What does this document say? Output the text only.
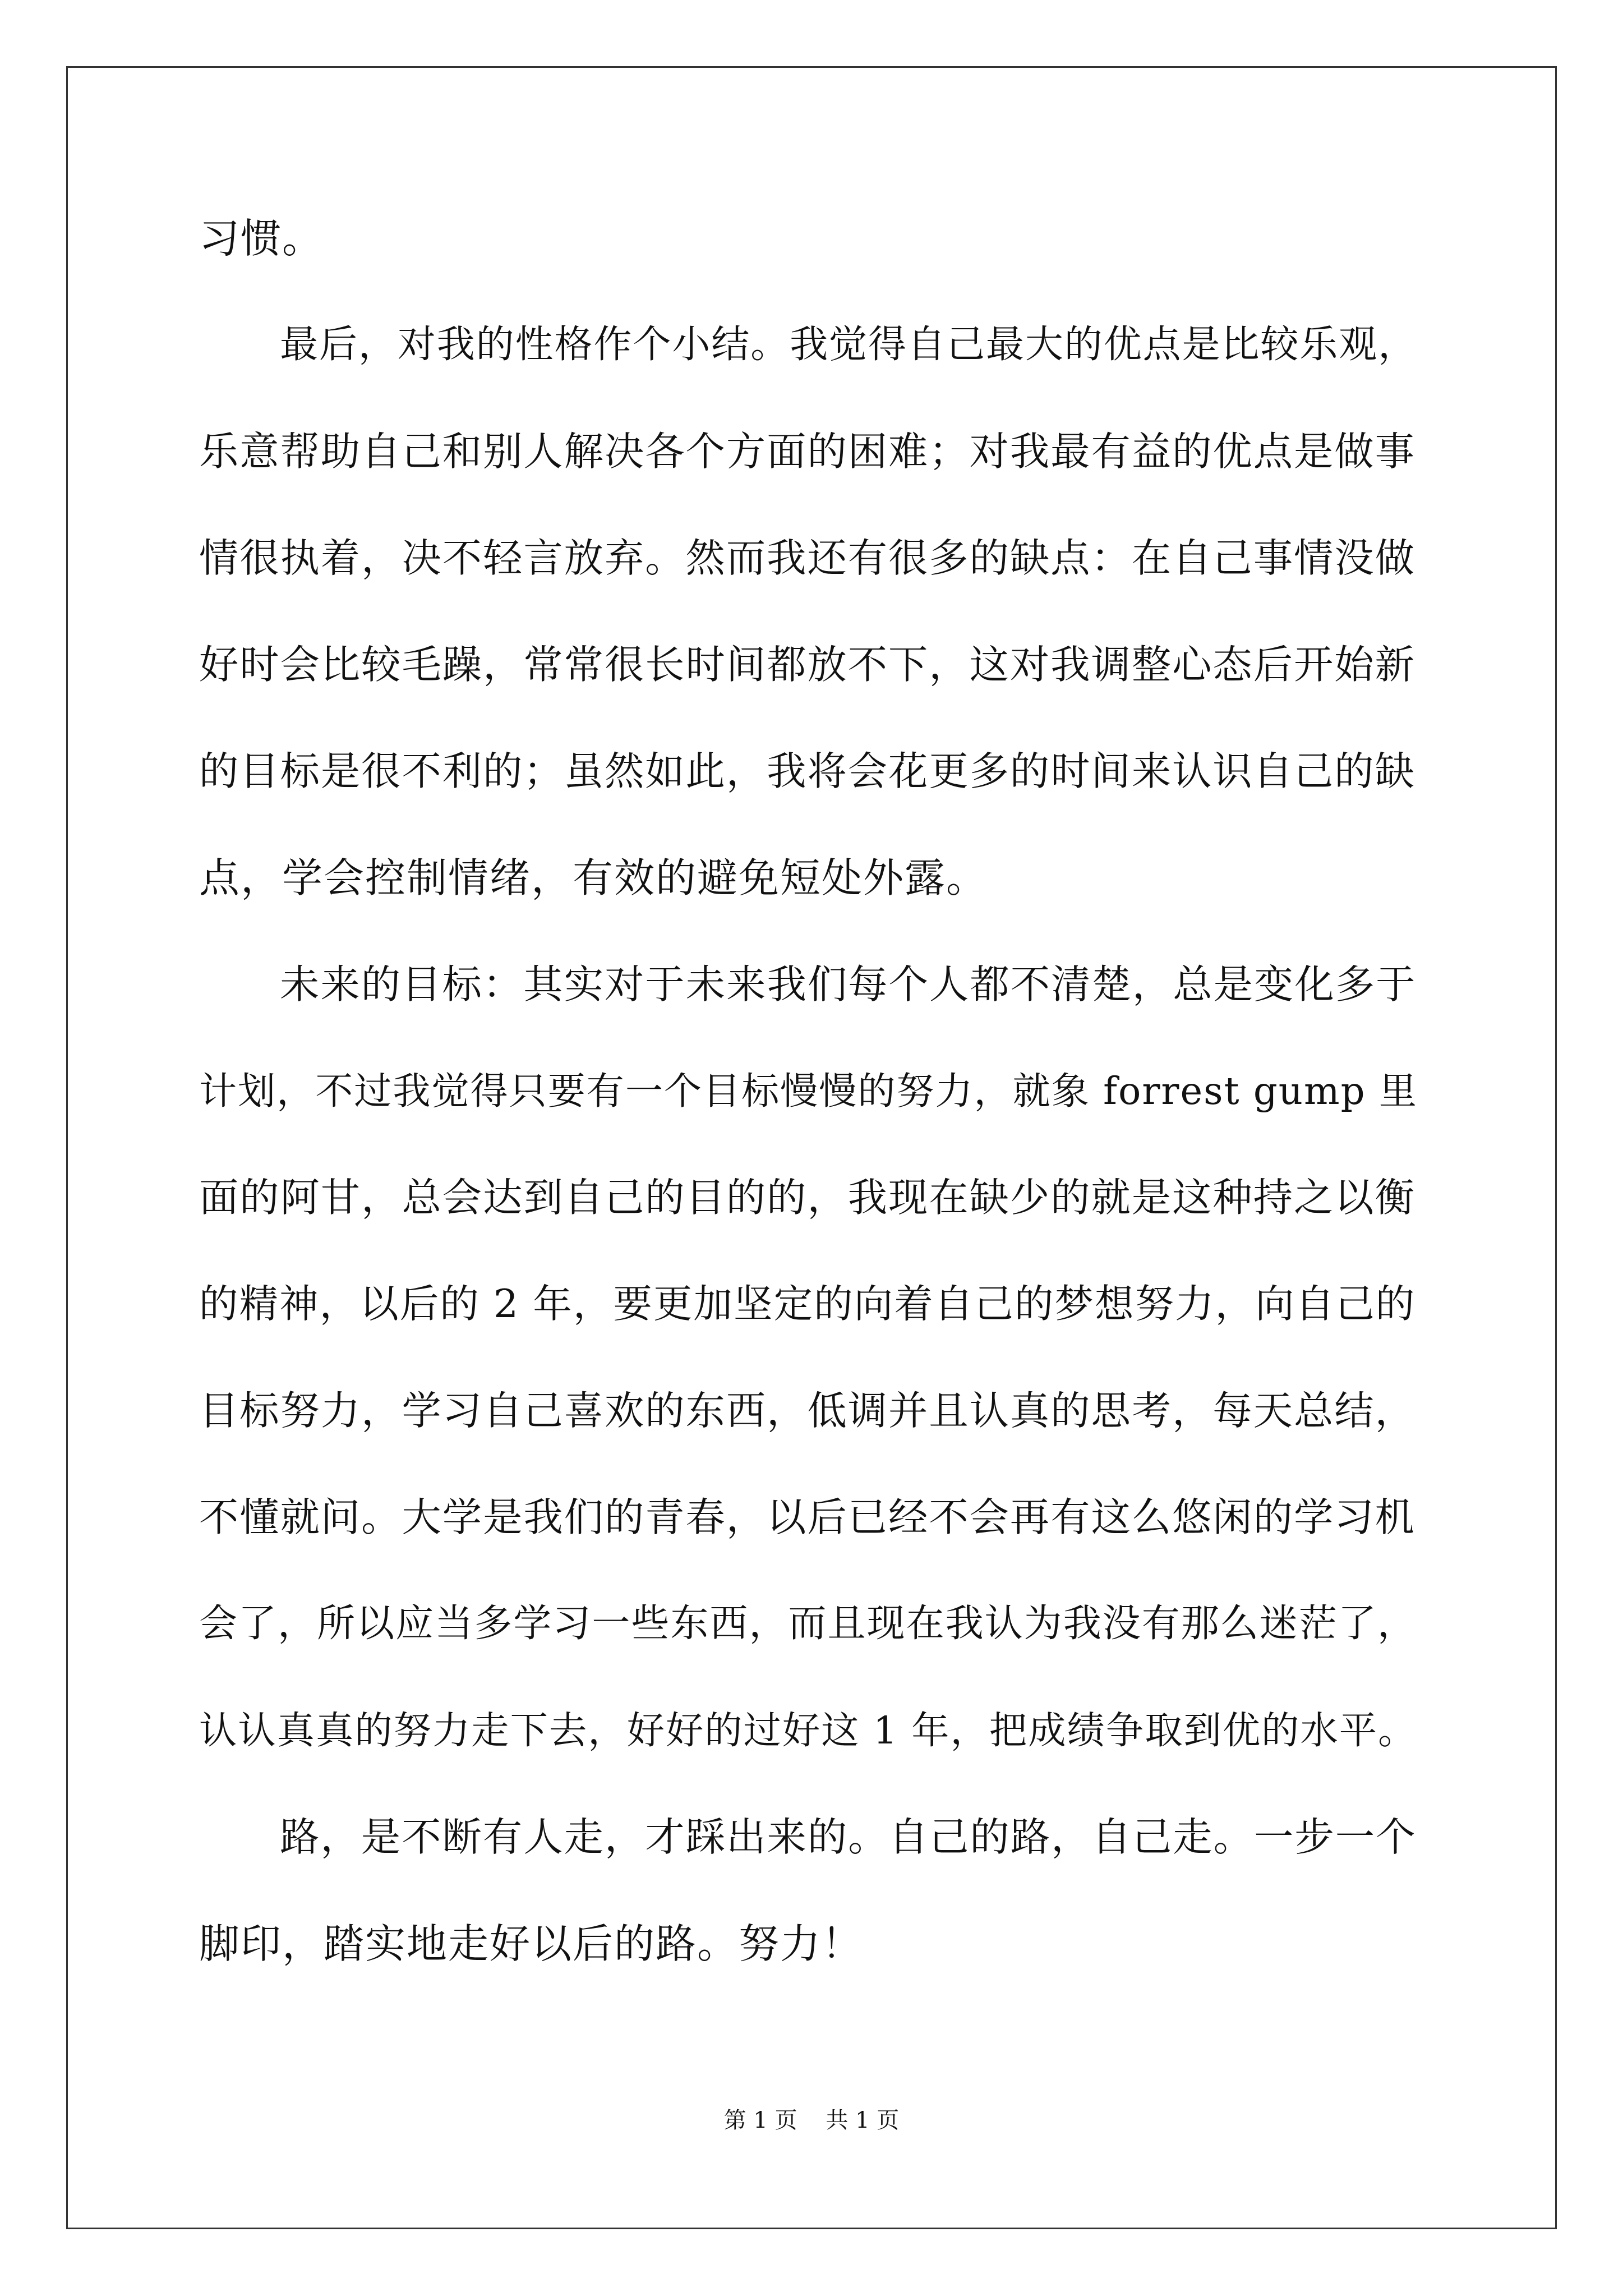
习惯。
最后，对我的性格作个小结。我觉得自己最大的优点是比较乐观，
乐意帮助自己和别人解决各个方面的困难；对我最有益的优点是做事
情很执着，决不轻言放弃。然而我还有很多的缺点：在自己事情没做
好时会比较毛躁，常常很长时间都放不下，这对我调整心态后开始新
的目标是很不利的；虽然如此，我将会花更多的时间来认识自己的缺
点，学会控制情绪，有效的避免短处外露。
未来的目标：其实对于未来我们每个人都不清楚，总是变化多于
计划，不过我觉得只要有一个目标慢慢的努力，就象 forrest gump 里
面的阿甘，总会达到自己的目的的，我现在缺少的就是这种持之以衡
的精神，以后的 2 年，要更加坚定的向着自己的梦想努力，向自己的
目标努力，学习自己喜欢的东西，低调并且认真的思考，每天总结，
不懂就问。大学是我们的青春，以后已经不会再有这么悠闲的学习机
会了，所以应当多学习一些东西，而且现在我认为我没有那么迷茫了，
认认真真的努力走下去，好好的过好这 1 年，把成绩争取到优的水平。
路，是不断有人走，才踩出来的。自己的路，自己走。一步一个
脚印，踏实地走好以后的路。努力！
第 1 页    共 1 页
